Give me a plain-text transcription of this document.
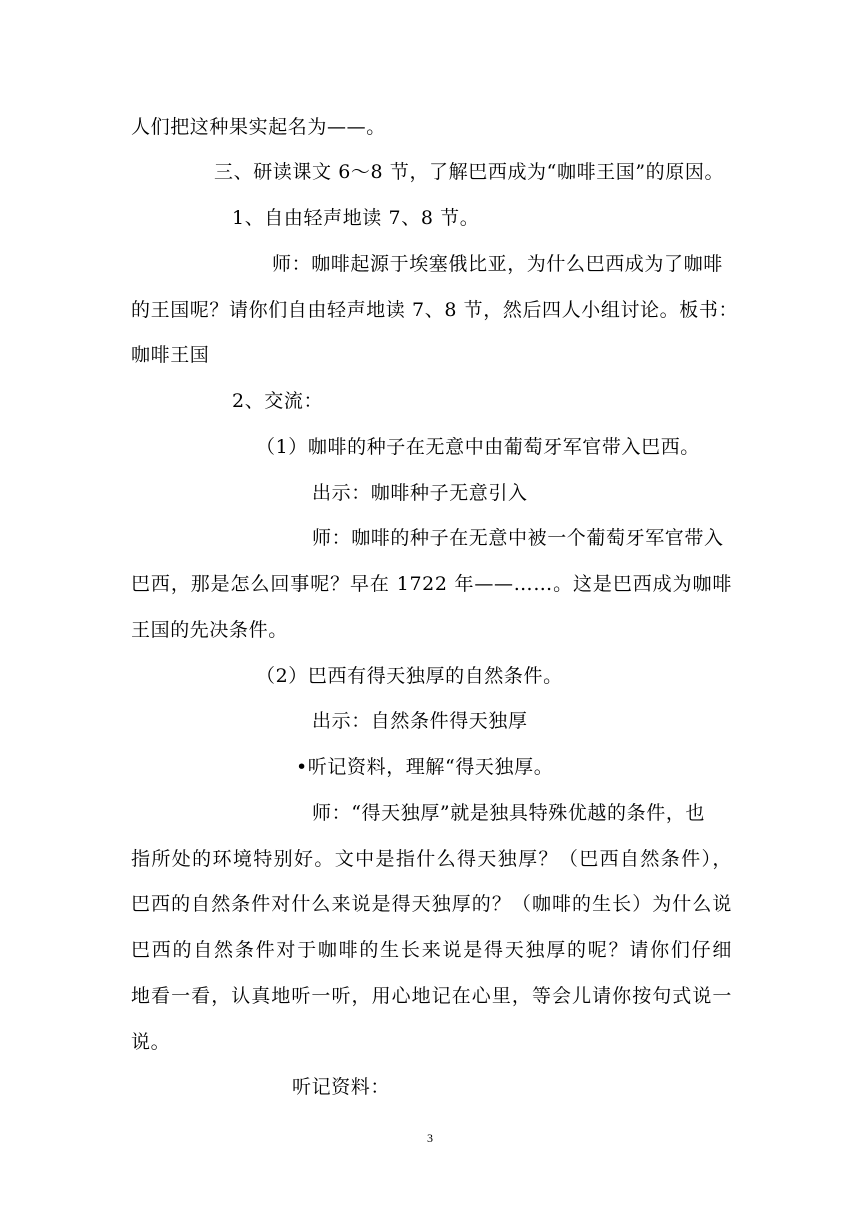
人们把这种果实起名为——。
三、研读课文 6～8 节，了解巴西成为“咖啡王国”的原因。
1、自由轻声地读 7、8 节。
师：咖啡起源于埃塞俄比亚，为什么巴西成为了咖啡
的王国呢？请你们自由轻声地读 7、8 节，然后四人小组讨论。板书：
咖啡王国
2、交流：
（1）咖啡的种子在无意中由葡萄牙军官带入巴西。
出示：咖啡种子无意引入
师：咖啡的种子在无意中被一个葡萄牙军官带入
巴西，那是怎么回事呢？早在 1722 年——……。这是巴西成为咖啡
王国的先决条件。
（2）巴西有得天独厚的自然条件。
出示：自然条件得天独厚
•听记资料，理解“得天独厚。
师：“得天独厚”就是独具特殊优越的条件，也
指所处的环境特别好。文中是指什么得天独厚？（巴西自然条件），
巴西的自然条件对什么来说是得天独厚的？（咖啡的生长）为什么说
巴西的自然条件对于咖啡的生长来说是得天独厚的呢？请你们仔细
地看一看，认真地听一听，用心地记在心里，等会儿请你按句式说一
说。
听记资料：
3
